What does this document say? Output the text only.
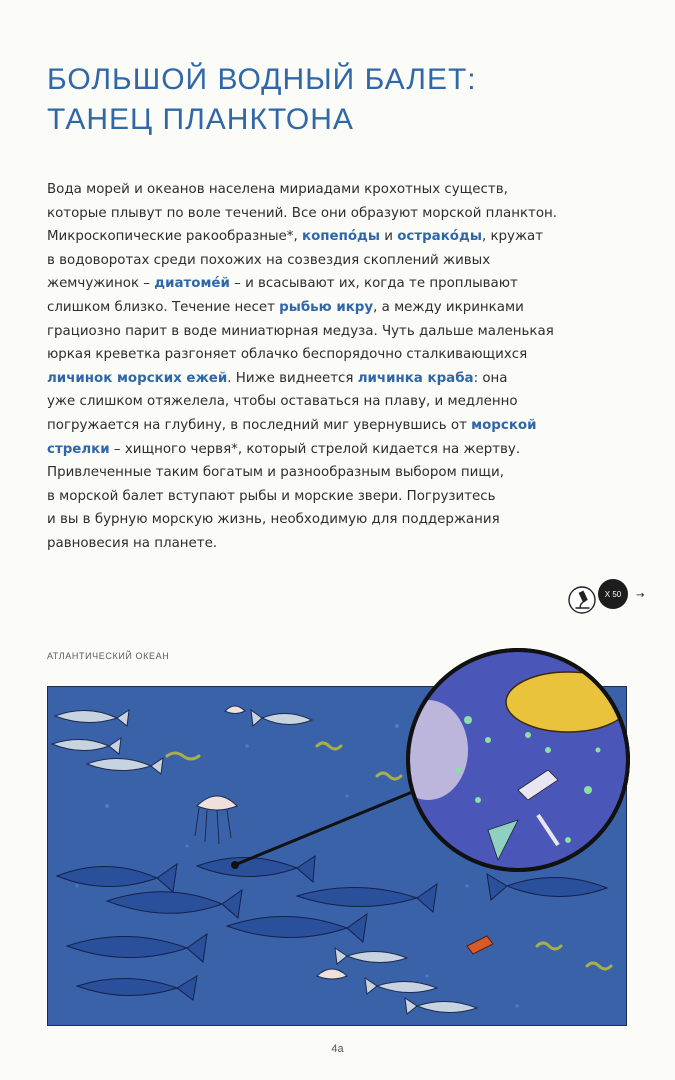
БОЛЬШОЙ ВОДНЫЙ БАЛЕТ:
ТАНЕЦ ПЛАНКТОНА
Вода морей и океанов населена мириадами крохотных существ,
которые плывут по воле течений. Все они образуют морской планктон.
Микроскопические ракообразные*, копепóды и остракóды, кружат
в водоворотах среди похожих на созвездия скоплений живых
жемчужинок – диатомéй – и всасывают их, когда те проплывают
слишком близко. Течение несет рыбью икру, а между икринками
грациозно парит в воде миниатюрная медуза. Чуть дальше маленькая
юркая креветка разгоняет облачко беспорядочно сталкивающихся
личинок морских ежей. Ниже виднеется личинка краба: она
уже слишком отяжелела, чтобы оставаться на плаву, и медленно
погружается на глубину, в последний миг увернувшись от морской
стрелки – хищного червя*, который стрелой кидается на жертву.
Привлеченные таким богатым и разнообразным выбором пищи,
в морской балет вступают рыбы и морские звери. Погрузитесь
и вы в бурную морскую жизнь, необходимую для поддержания
равновесия на планете.
X 50 →
АТЛАНТИЧЕСКИЙ ОКЕАН
4а
